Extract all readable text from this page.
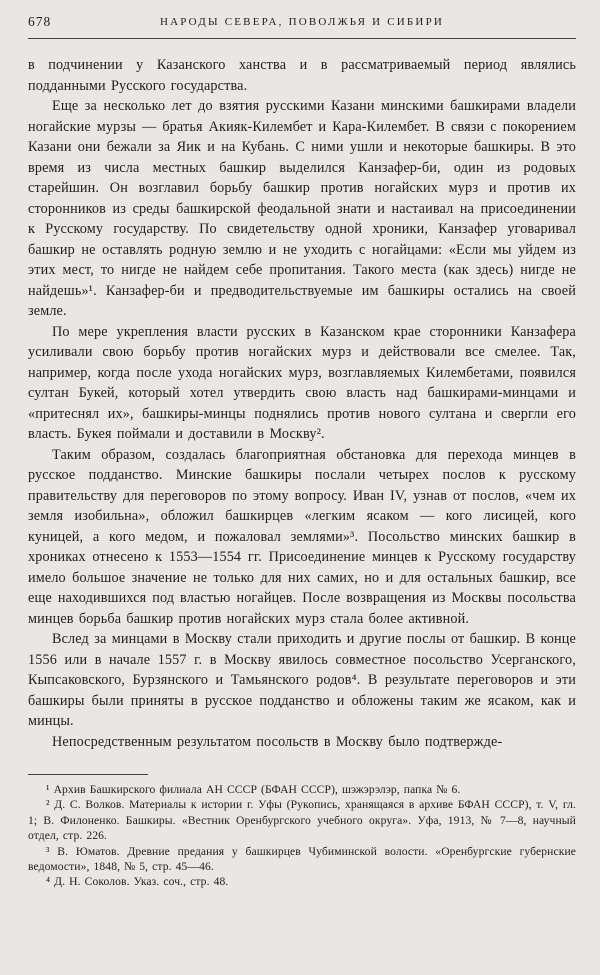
678	НАРОДЫ СЕВЕРА, ПОВОЛЖЬЯ И СИБИРИ

в подчинении у Казанского ханства и в рассматриваемый период являлись подданными Русского государства.

Еще за несколько лет до взятия русскими Казани минскими башкирами владели ногайские мурзы — братья Акияк-Килембет и Кара-Килембет. В связи с покорением Казани они бежали за Яик и на Кубань. С ними ушли и некоторые башкиры. В это время из числа местных башкир выделился Канзафер-би, один из родовых старейшин. Он возглавил борьбу башкир против ногайских мурз и против их сторонников из среды башкирской феодальной знати и настаивал на присоединении к Русскому государству. По свидетельству одной хроники, Канзафер уговаривал башкир не оставлять родную землю и не уходить с ногайцами: «Если мы уйдем из этих мест, то нигде не найдем себе пропитания. Такого места (как здесь) нигде не найдешь»¹. Канзафер-би и предводительствуемые им башкиры остались на своей земле.

По мере укрепления власти русских в Казанском крае сторонники Канзафера усиливали свою борьбу против ногайских мурз и действовали все смелее. Так, например, когда после ухода ногайских мурз, возглавляемых Килембетами, появился султан Букей, который хотел утвердить свою власть над башкирами-минцами и «притеснял их», башкиры-минцы поднялись против нового султана и свергли его власть. Букея поймали и доставили в Москву².

Таким образом, создалась благоприятная обстановка для перехода минцев в русское подданство. Минские башкиры послали четырех послов к русскому правительству для переговоров по этому вопросу. Иван IV, узнав от послов, «чем их земля изобильна», обложил башкирцев «легким ясаком — кого лисицей, кого куницей, а кого медом, и пожаловал землями»³. Посольство минских башкир в хрониках отнесено к 1553—1554 гг. Присоединение минцев к Русскому государству имело большое значение не только для них самих, но и для остальных башкир, все еще находившихся под властью ногайцев. После возвращения из Москвы посольства минцев борьба башкир против ногайских мурз стала более активной.

Вслед за минцами в Москву стали приходить и другие послы от башкир. В конце 1556 или в начале 1557 г. в Москву явилось совместное посольство Усерганского, Кыпсаковского, Бурзянского и Тамьянского родов⁴. В результате переговоров и эти башкиры были приняты в русское подданство и обложены таким же ясаком, как и минцы.

Непосредственным результатом посольств в Москву было подтвержде-

¹ Архив Башкирского филиала АН СССР (БФАН СССР), шэжэрэлэр, папка № 6.

² Д. С. Волков. Материалы к истории г. Уфы (Рукопись, хранящаяся в архиве БФАН СССР), т. V, гл. 1; В. Филоненко. Башкиры. «Вестник Оренбургского учебного округа». Уфа, 1913, № 7—8, научный отдел, стр. 226.

³ В. Юматов. Древние предания у башкирцев Чубиминской волости. «Оренбургские губернские ведомости», 1848, № 5, стр. 45—46.

⁴ Д. Н. Соколов. Указ. соч., стр. 48.
